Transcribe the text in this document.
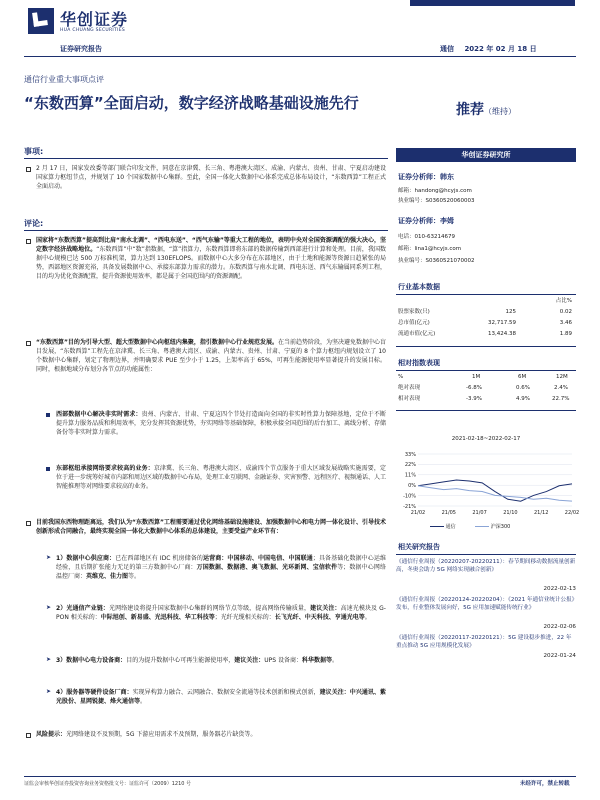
华创证券
HUA CHUANG SECURITIES
证券研究报告	通信 2022 年 02 月 18 日
通信行业重大事项点评
“东数西算”全面启动，数字经济战略基础设施先行	推荐（维持）
事项:
2 月 17 日，国家发改委等部门联合印发文件，同意在京津冀、长三角、粤港澳大湾区、成渝、内蒙古、贵州、甘肃、宁夏启动建设国家算力枢纽节点，并规划了 10 个国家数据中心集群。至此，全国一体化大数据中心体系完成总体布局设计，“东数西算”工程正式全面启动。
评论:
国家将“东数西算”提高到比肩“南水北调”、“西电东送”、“西气东输”等重大工程的地位，表明中央对全国资源调配的强大决心，坚定数字经济战略地位。“东数西算”中“数”指数据，“算”指算力，东数西算即将东部的数据传输到西部进行计算和处理。目前，我国数据中心规模已达 500 万标准机架，算力达到 130EFLOPS。而数据中心大多分布在东部地区，由于土地和能源等资源日趋紧张的局势，西部地区资源充裕，具备发展数据中心、承接东部算力需求的潜力。东数西算与南水北调、西电东送、西气东输属同系列工程，目的均为优化资源配置，提升资源使用效率，都是属于全国范围内的资源调配。
“东数西算”目的为引导大型、超大型数据中心向枢纽内集聚，指引数据中心行业规范发展。在当前趋势阶段，为坚决避免数据中心盲目发展，“东数西算”工程先在京津冀、长三角、粤港澳大湾区、成渝、内蒙古、贵州、甘肃、宁夏的 8 个算力枢纽内规划设立了 10 个数据中心集群，划定了物理边界，并明确要求 PUE 至少小于 1.25，上架率高于 65%，可再生能源使用率显著提升的发展目标。同时，根据地域分布划分各节点的功能属性：
西部数据中心解决非实时需求：贵州、内蒙古、甘肃、宁夏这四个节处打造面向全国的非实时性算力保障基地，定位于不断提升算力服务品质和利用效率，充分发挥其资源优势，夯实网络等基础保障，积极承接全国范围的后台加工、离线分析、存储备份等非实时算力需求。
东部枢纽承接网络要求较高的业务：京津冀、长三角、粤港澳大湾区、成渝四个节点服务于重大区域发展战略实施需要，定位于进一步统筹好城市内部和周边区域的数据中心布局，处理工业互联网、金融证券、灾害预警、远程医疗、视频通话、人工智能推理等对网络要求较高的业务。
目前我国东西物理距离远，我们认为“东数西算”工程需要通过优化网络基础设施建设、加强数据中心和电力网一体化设计、引导技术创新形成合同融合，最终实现全国一体化大数据中心体系的总体建设，主要受益产业环节有：
➤ 1）数据中心供应商：已在西部地区有 IDC 机房储备的运营商：中国移动、中国电信、中国联通；具备基础化数据中心运维经验，且后期扩张能力无足的第三方数据中心厂商：万国数据、数据港、奥飞数据、光环新网、宝信软件等；数据中心网络温控厂商：英维克、佳力图等。
➤ 2）光通信产业链：光网络建设将提升国家数据中心集群的网络节点等级，提高网络传输质量，建议关注：高速光模块及 G-PON 相关标的：中际旭创、新易盛、光迅科技、华工科技等；光纤光缆相关标的：长飞光纤、中天科技、亨通光电等。
➤ 3）数据中心电力设备商：目的为提升数据中心可再生能源使用率，建议关注：UPS 设备商：科华数据等。
➤ 4）服务器等硬件设备厂商：实现异构算力融合、云网融合、数据安全流通等技术创新和模式创新，建议关注：中兴通讯、紫光股份、星网锐捷、烽火通信等。
风险提示：光网络建设不及预期，5G 下游应用需求不及预期，服务器芯片缺货等。
华创证券研究所
证券分析师：韩东
邮箱：handong@hcyjs.com
执业编号：S0360520060003
证券分析师：李姆
电话：010-63214679
邮箱：lina1@hcyjs.com
执业编号：S0360521070002
行业基本数据
占比%
股票家数(只)	125	0.02
总市值(亿元)	32,717.59	3.46
流通市值(亿元)	13,424.38	1.89
相对指数表现
%	1M	6M	12M
绝对表现	-6.8%	0.6%	2.4%
相对表现	-3.9%	4.9%	22.7%
2021-02-18~2022-02-17
33%
22%
11%
0%
-10%
-21%
21/02	21/05	21/07	21/10	21/12	22/02
通信	沪深300
相关研究报告
《通信行业周报（20220207-20220211）：春节期间移动数据流量创新高，冬奥会助力 5G 网络实现融合创新》
2022-02-13
《通信行业周报（20220124-20220204）：《2021 年通信业统计公报》发布，行业整体发展向好，5G 应用加速赋能传统行业》
2022-02-06
《通信行业周报（20220117-20220121）：5G 建设稳步推进，22 年重点推动 5G 应用规模化发展》
2022-01-24
证监会审核华创证券投资咨询业务资格批文号：证监许可（2009）1210 号	未经许可，禁止转载
